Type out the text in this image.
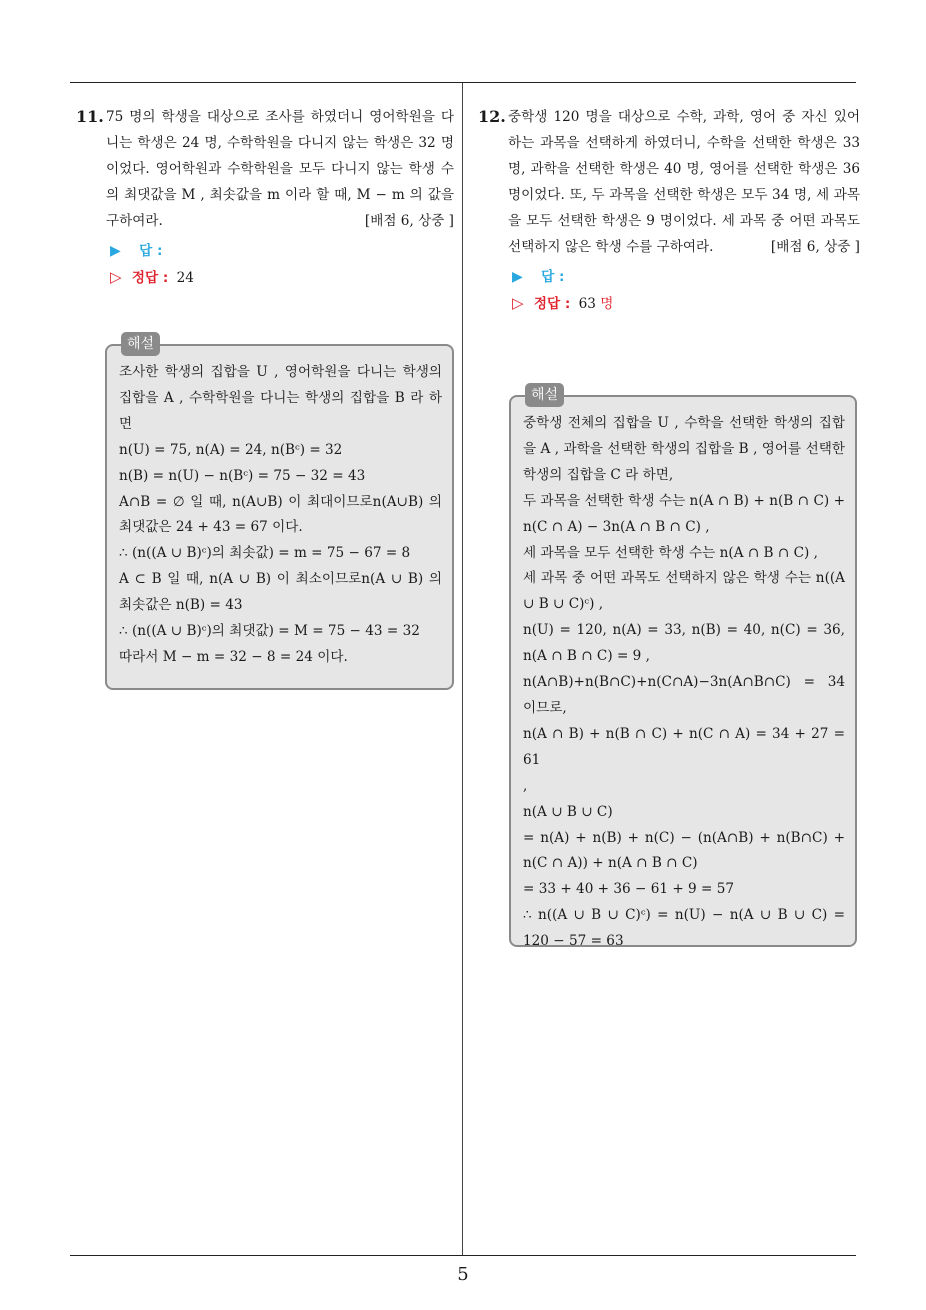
11. 75 명의 학생을 대상으로 조사를 하였더니 영어학원을 다니는 학생은 24 명, 수학학원을 다니지 않는 학생은 32 명이었다. 영어학원과 수학학원을 모두 다니지 않는 학생 수의 최댓값을 M , 최솟값을 m 이라 할 때, M − m 의 값을 구하여라.	[배점 6, 상중 ]

▶ 답 :
▷ 정답 : 24
해설

조사한 학생의 집합을 U , 영어학원을 다니는 학생의 집합을 A , 수학학원을 다니는 학생의 집합을 B 라 하면

n(U) = 75, n(A) = 24, n(Bᶜ) = 32

n(B) = n(U) − n(Bᶜ) = 75 − 32 = 43

A∩B = ∅ 일 때, n(A∪B) 이 최대이므로n(A∪B) 의 최댓값은 24 + 43 = 67 이다.

∴ (n((A ∪ B)ᶜ)의 최솟값) = m = 75 − 67 = 8

A ⊂ B 일 때, n(A ∪ B) 이 최소이므로n(A ∪ B) 의 최솟값은 n(B) = 43

∴ (n((A ∪ B)ᶜ)의 최댓값) = M = 75 − 43 = 32

따라서 M − m = 32 − 8 = 24 이다.

12. 중학생 120 명을 대상으로 수학, 과학, 영어 중 자신 있어 하는 과목을 선택하게 하였더니, 수학을 선택한 학생은 33 명, 과학을 선택한 학생은 40 명, 영어를 선택한 학생은 36 명이었다. 또, 두 과목을 선택한 학생은 모두 34 명, 세 과목을 모두 선택한 학생은 9 명이었다. 세 과목 중 어떤 과목도 선택하지 않은 학생 수를 구하여라.	[배점 6, 상중 ]

▶ 답 :
▷ 정답 : 63 명
해설

중학생 전체의 집합을 U , 수학을 선택한 학생의 집합을 A , 과학을 선택한 학생의 집합을 B , 영어를 선택한 학생의 집합을 C 라 하면,

두 과목을 선택한 학생 수는 n(A ∩ B) + n(B ∩ C) + n(C ∩ A) − 3n(A ∩ B ∩ C) ,

세 과목을 모두 선택한 학생 수는 n(A ∩ B ∩ C) ,

세 과목 중 어떤 과목도 선택하지 않은 학생 수는 n((A ∪ B ∪ C)ᶜ) ,

n(U) = 120, n(A) = 33, n(B) = 40, n(C) = 36, n(A ∩ B ∩ C) = 9 ,

n(A∩B)+n(B∩C)+n(C∩A)−3n(A∩B∩C) = 34 이므로,

n(A ∩ B) + n(B ∩ C) + n(C ∩ A) = 34 + 27 = 61

,

n(A ∪ B ∪ C)

= n(A) + n(B) + n(C) − (n(A∩B) + n(B∩C) + n(C ∩ A)) + n(A ∩ B ∩ C)

= 33 + 40 + 36 − 61 + 9 = 57

∴ n((A ∪ B ∪ C)ᶜ) = n(U) − n(A ∪ B ∪ C) = 120 − 57 = 63

5
